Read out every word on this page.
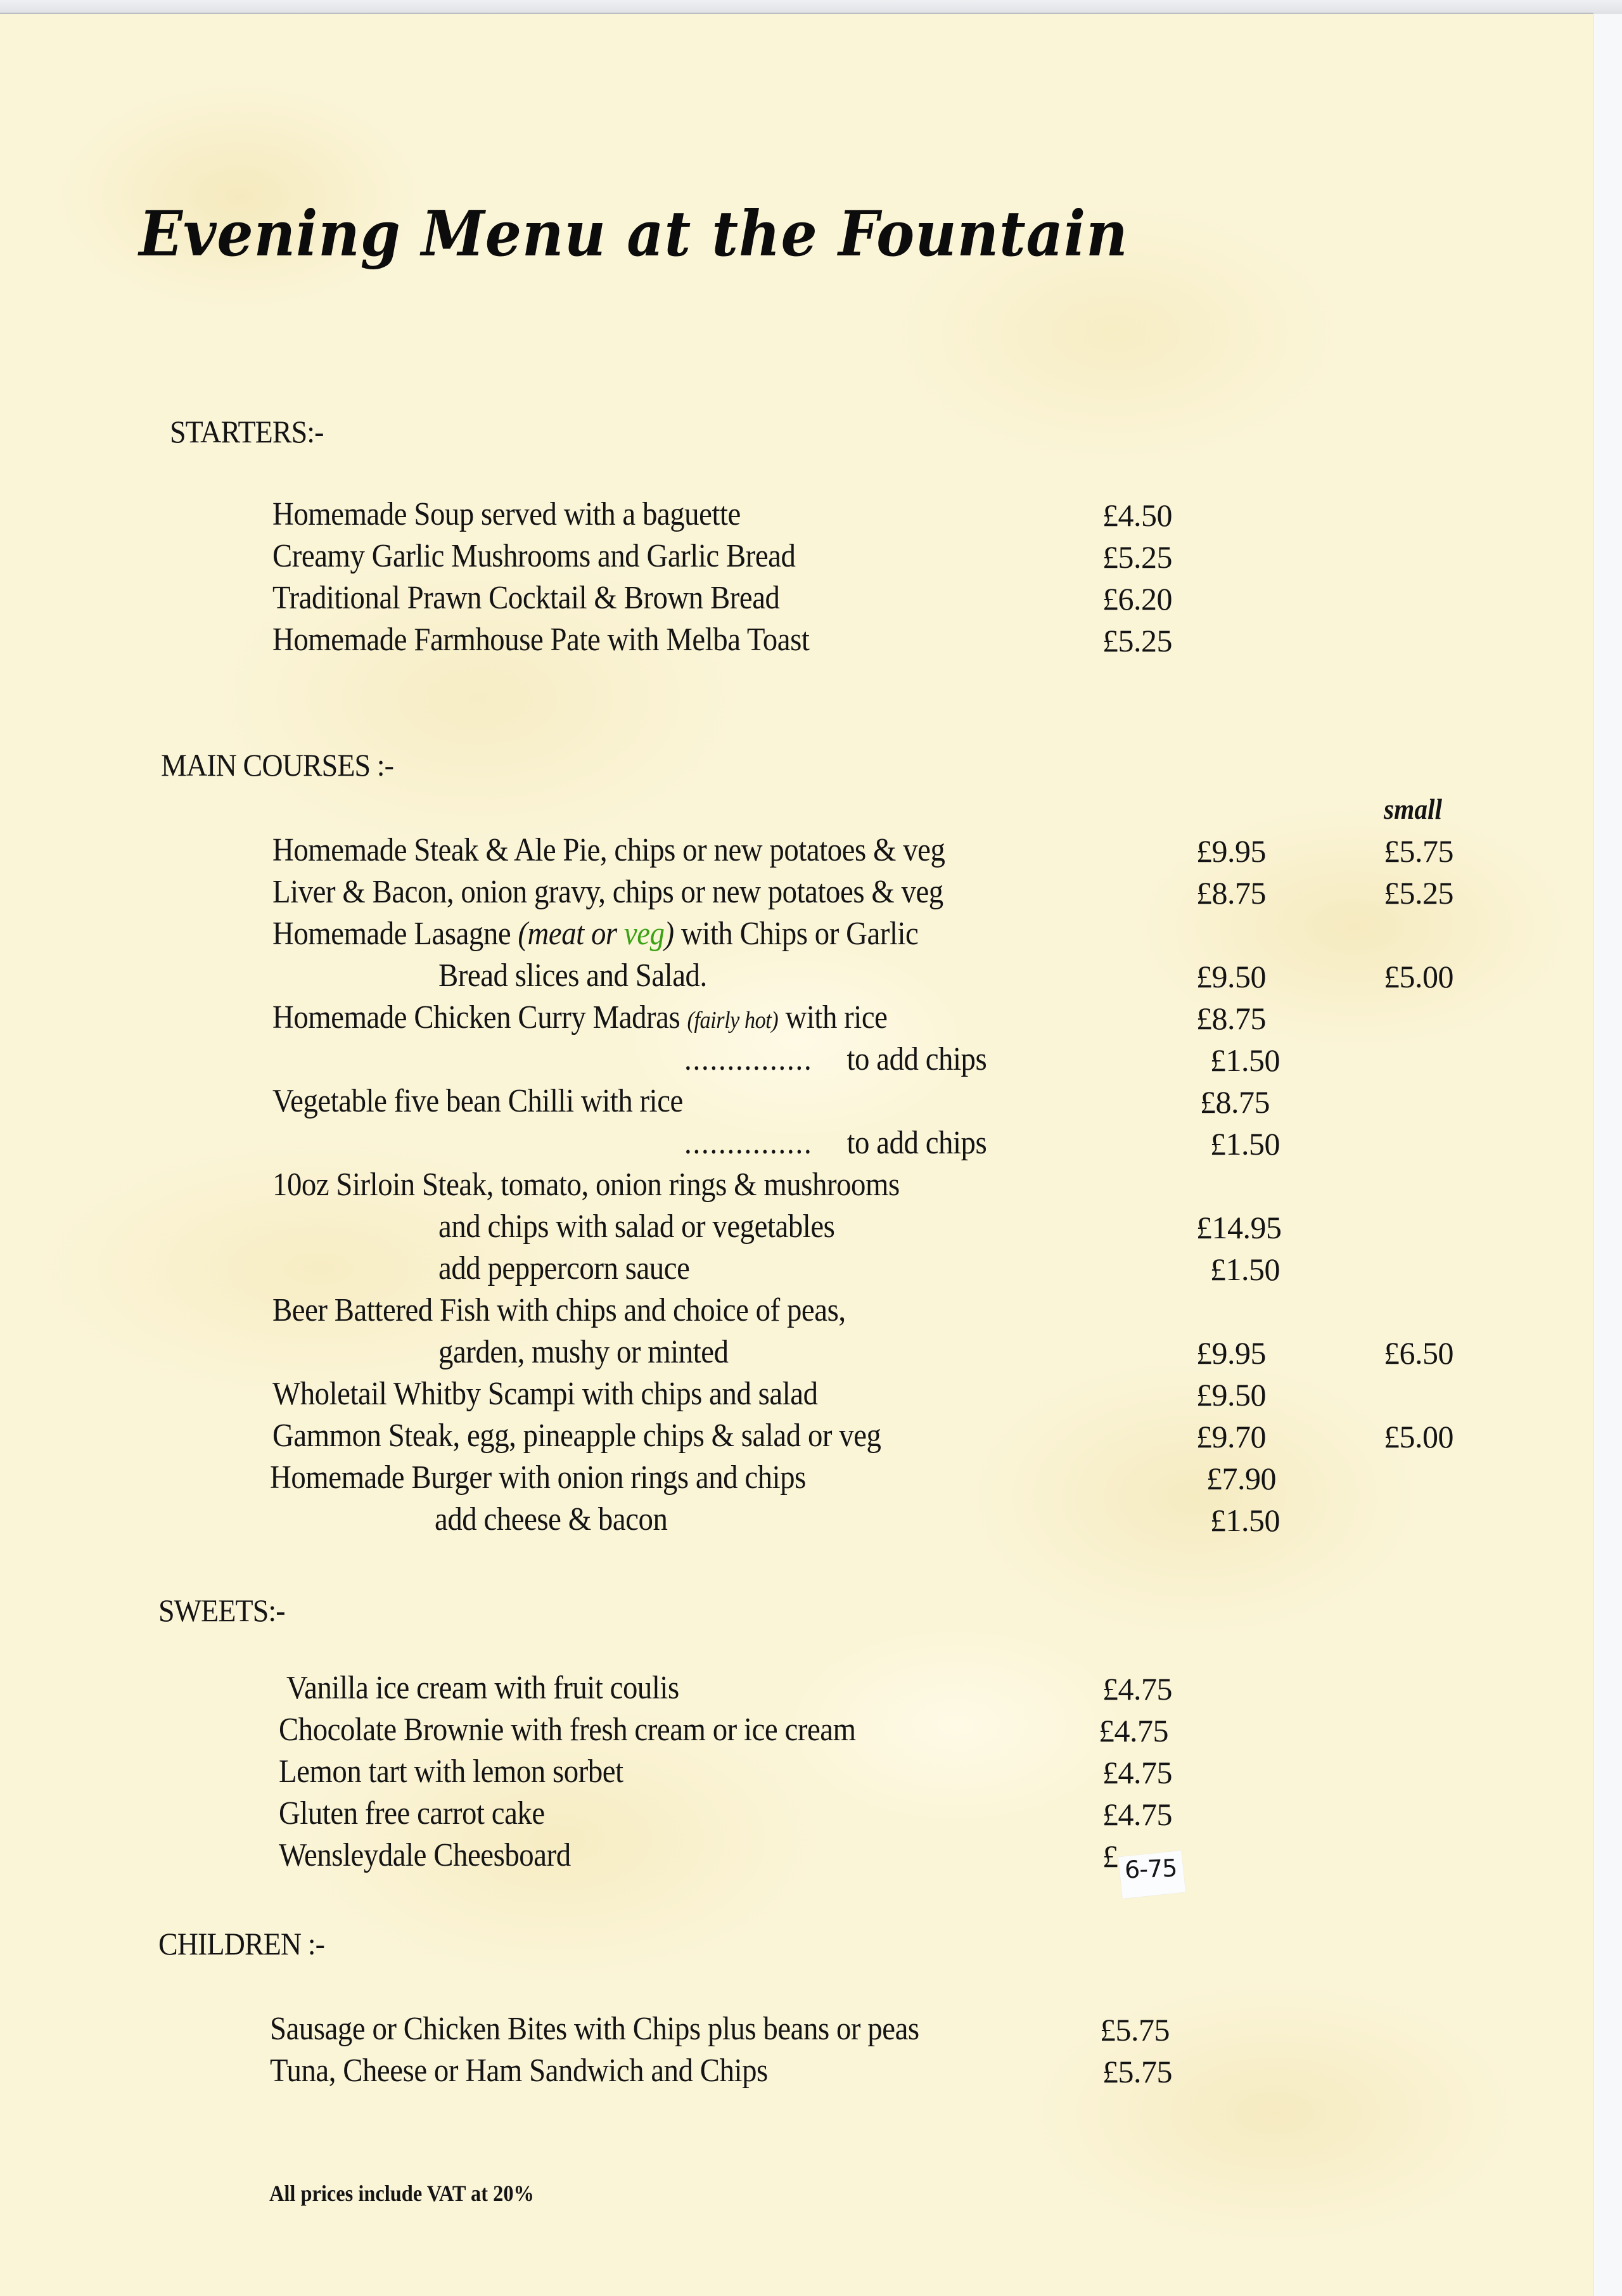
Evening Menu at the Fountain
STARTERS:-
Homemade Soup served with a baguette	£4.50
Creamy Garlic Mushrooms and Garlic Bread	£5.25
Traditional Prawn Cocktail & Brown Bread	£6.20
Homemade Farmhouse Pate with Melba Toast	£5.25
MAIN COURSES :-
small
Homemade Steak & Ale Pie, chips or new potatoes & veg	£9.95	£5.75
Liver & Bacon, onion gravy, chips or new potatoes & veg	£8.75	£5.25
Homemade Lasagne (meat or veg) with Chips or Garlic
Bread slices and Salad.	£9.50	£5.00
Homemade Chicken Curry Madras (fairly hot) with rice	£8.75
............... to add chips	£1.50
Vegetable five bean Chilli with rice	£8.75
............... to add chips	£1.50
10oz Sirloin Steak, tomato, onion rings & mushrooms
and chips with salad or vegetables	£14.95
add peppercorn sauce	£1.50
Beer Battered Fish with chips and choice of peas,
garden, mushy or minted	£9.95	£6.50
Wholetail Whitby Scampi with chips and salad	£9.50
Gammon Steak, egg, pineapple chips & salad or veg	£9.70	£5.00
Homemade Burger with onion rings and chips	£7.90
add cheese & bacon	£1.50
SWEETS:-
Vanilla ice cream with fruit coulis	£4.75
Chocolate Brownie with fresh cream or ice cream	£4.75
Lemon tart with lemon sorbet	£4.75
Gluten free carrot cake	£4.75
Wensleydale Cheesboard	£ 6-75
CHILDREN :-
Sausage or Chicken Bites with Chips plus beans or peas	£5.75
Tuna, Cheese or Ham Sandwich and Chips	£5.75
All prices include VAT at 20%
